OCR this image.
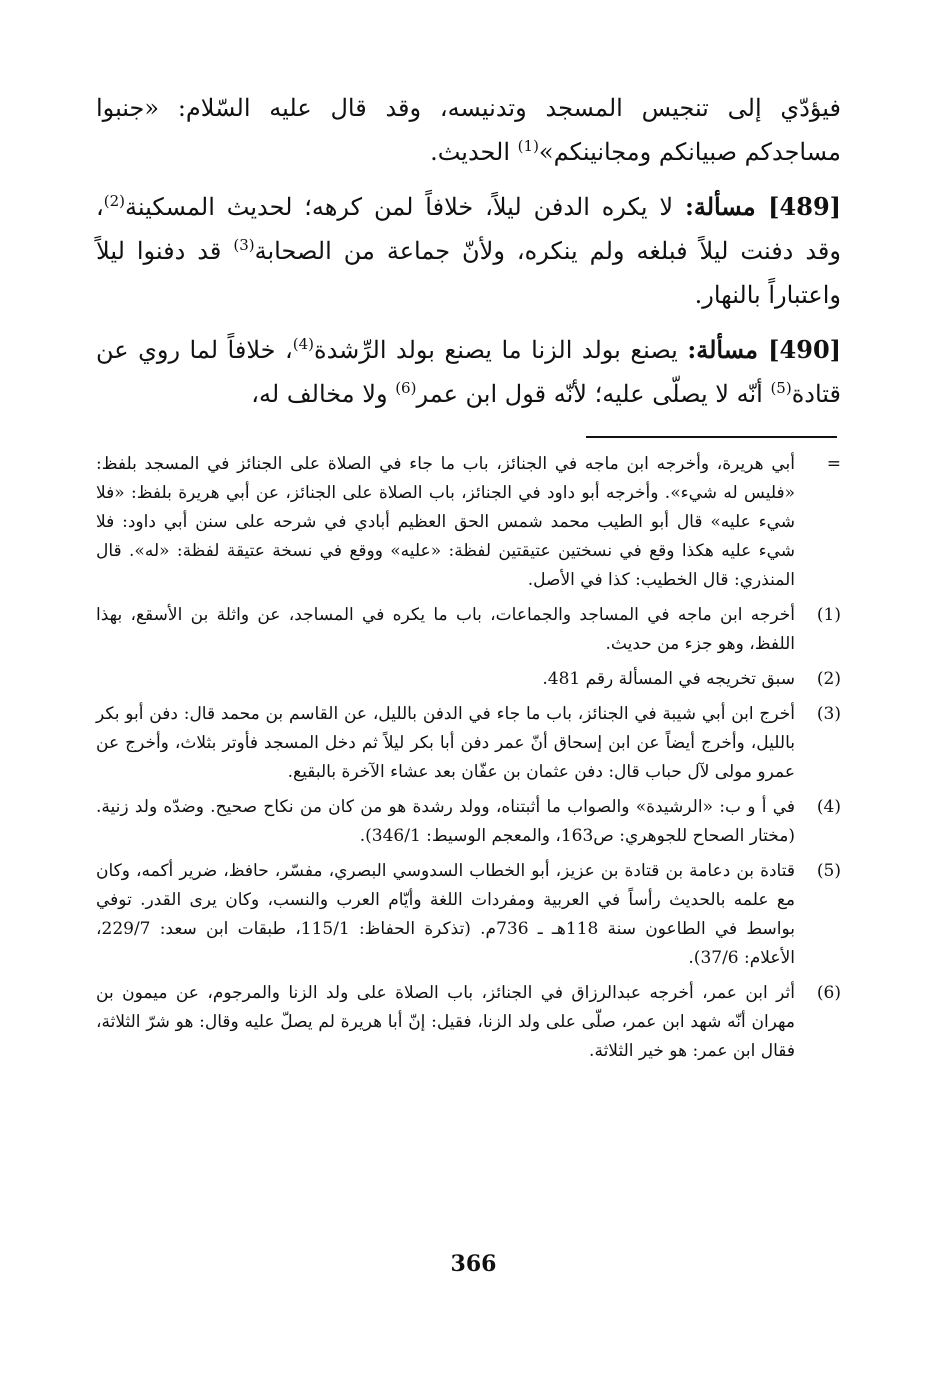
فيؤدّي إلى تنجيس المسجد وتدنيسه، وقد قال عليه السّلام: «جنبوا مساجدكم صبيانكم ومجانينكم»$^{(1)}$ الحديث.

[489] مسألة: لا يكره الدفن ليلاً، خلافاً لمن كرهه؛ لحديث المسكينة$^{(2)}$، وقد دفنت ليلاً فبلغه ولم ينكره، ولأنّ جماعة من الصحابة$^{(3)}$ قد دفنوا ليلاً واعتباراً بالنهار.

[490] مسألة: يصنع بولد الزنا ما يصنع بولد الرِّشدة$^{(4)}$، خلافاً لما روي عن قتادة$^{(5)}$ أنّه لا يصلّى عليه؛ لأنّه قول ابن عمر$^{(6)}$ ولا مخالف له،

=
أبي هريرة، وأخرجه ابن ماجه في الجنائز، باب ما جاء في الصلاة على الجنائز في المسجد بلفظ: «فليس له شيء». وأخرجه أبو داود في الجنائز، باب الصلاة على الجنائز، عن أبي هريرة بلفظ: «فلا شيء عليه» قال أبو الطيب محمد شمس الحق العظيم أبادي في شرحه على سنن أبي داود: فلا شيء عليه هكذا وقع في نسختين عتيقتين لفظة: «عليه» ووقع في نسخة عتيقة لفظة: «له». قال المنذري: قال الخطيب: كذا في الأصل.
(1)
أخرجه ابن ماجه في المساجد والجماعات، باب ما يكره في المساجد، عن واثلة بن الأسقع، بهذا اللفظ، وهو جزء من حديث.
(2)
سبق تخريجه في المسألة رقم 481.
(3)
أخرج ابن أبي شيبة في الجنائز، باب ما جاء في الدفن بالليل، عن القاسم بن محمد قال: دفن أبو بكر بالليل، وأخرج أيضاً عن ابن إسحاق أنّ عمر دفن أبا بكر ليلاً ثم دخل المسجد فأوتر بثلاث، وأخرج عن عمرو مولى لآل حباب قال: دفن عثمان بن عفّان بعد عشاء الآخرة بالبقيع.
(4)
في أ و ب: «الرشيدة» والصواب ما أثبتناه، وولد رشدة هو من كان من نكاح صحيح. وضدّه ولد زنية. (مختار الصحاح للجوهري: ص163، والمعجم الوسيط: 346/1).
(5)
قتادة بن دعامة بن قتادة بن عزيز، أبو الخطاب السدوسي البصري، مفسّر، حافظ، ضرير أكمه، وكان مع علمه بالحديث رأساً في العربية ومفردات اللغة وأيّام العرب والنسب، وكان يرى القدر. توفي بواسط في الطاعون سنة 118هـ ـ 736م. (تذكرة الحفاظ: 115/1، طبقات ابن سعد: 229/7، الأعلام: 37/6).
(6)
أثر ابن عمر، أخرجه عبدالرزاق في الجنائز، باب الصلاة على ولد الزنا والمرجوم، عن ميمون بن مهران أنّه شهد ابن عمر، صلّى على ولد الزنا، فقيل: إنّ أبا هريرة لم يصلّ عليه وقال: هو شرّ الثلاثة، فقال ابن عمر: هو خير الثلاثة.
366
